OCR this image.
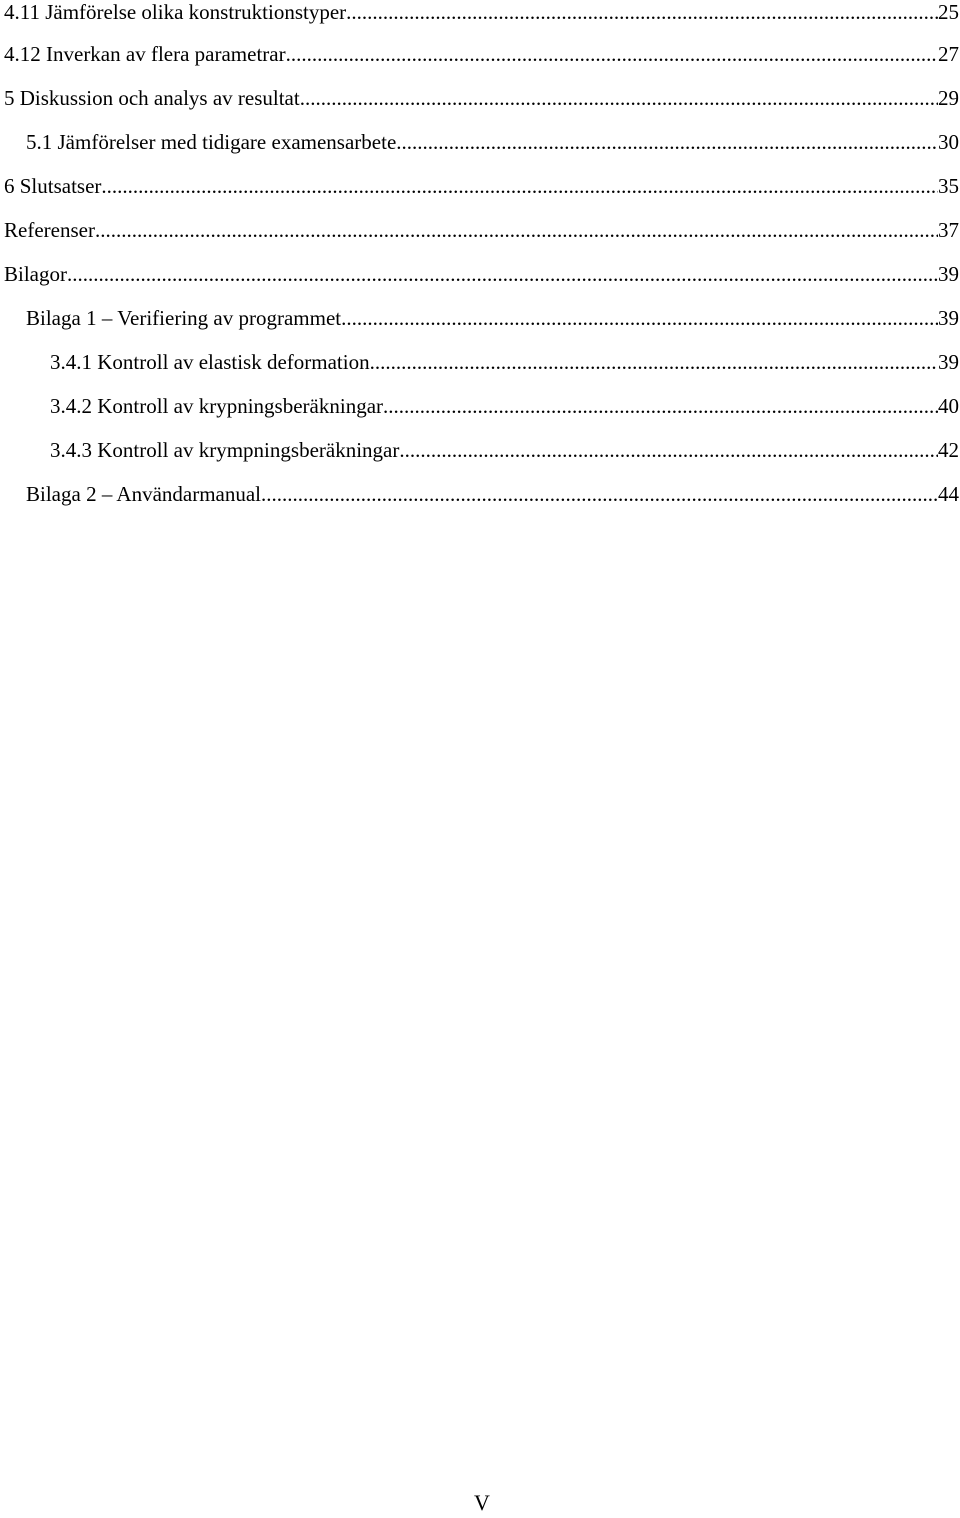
4.11 Jämförelse olika konstruktionstyper .....	25
4.12 Inverkan av flera parametrar .....	27
5 Diskussion och analys av resultat .....	29
5.1 Jämförelser med tidigare examensarbete .....	30
6 Slutsatser .....	35
Referenser .....	37
Bilagor .....	39
Bilaga 1 – Verifiering av programmet .....	39
3.4.1 Kontroll av elastisk deformation .....	39
3.4.2 Kontroll av krypningsberäkningar .....	40
3.4.3 Kontroll av krympningsberäkningar .....	42
Bilaga 2 – Användarmanual .....	44
V
